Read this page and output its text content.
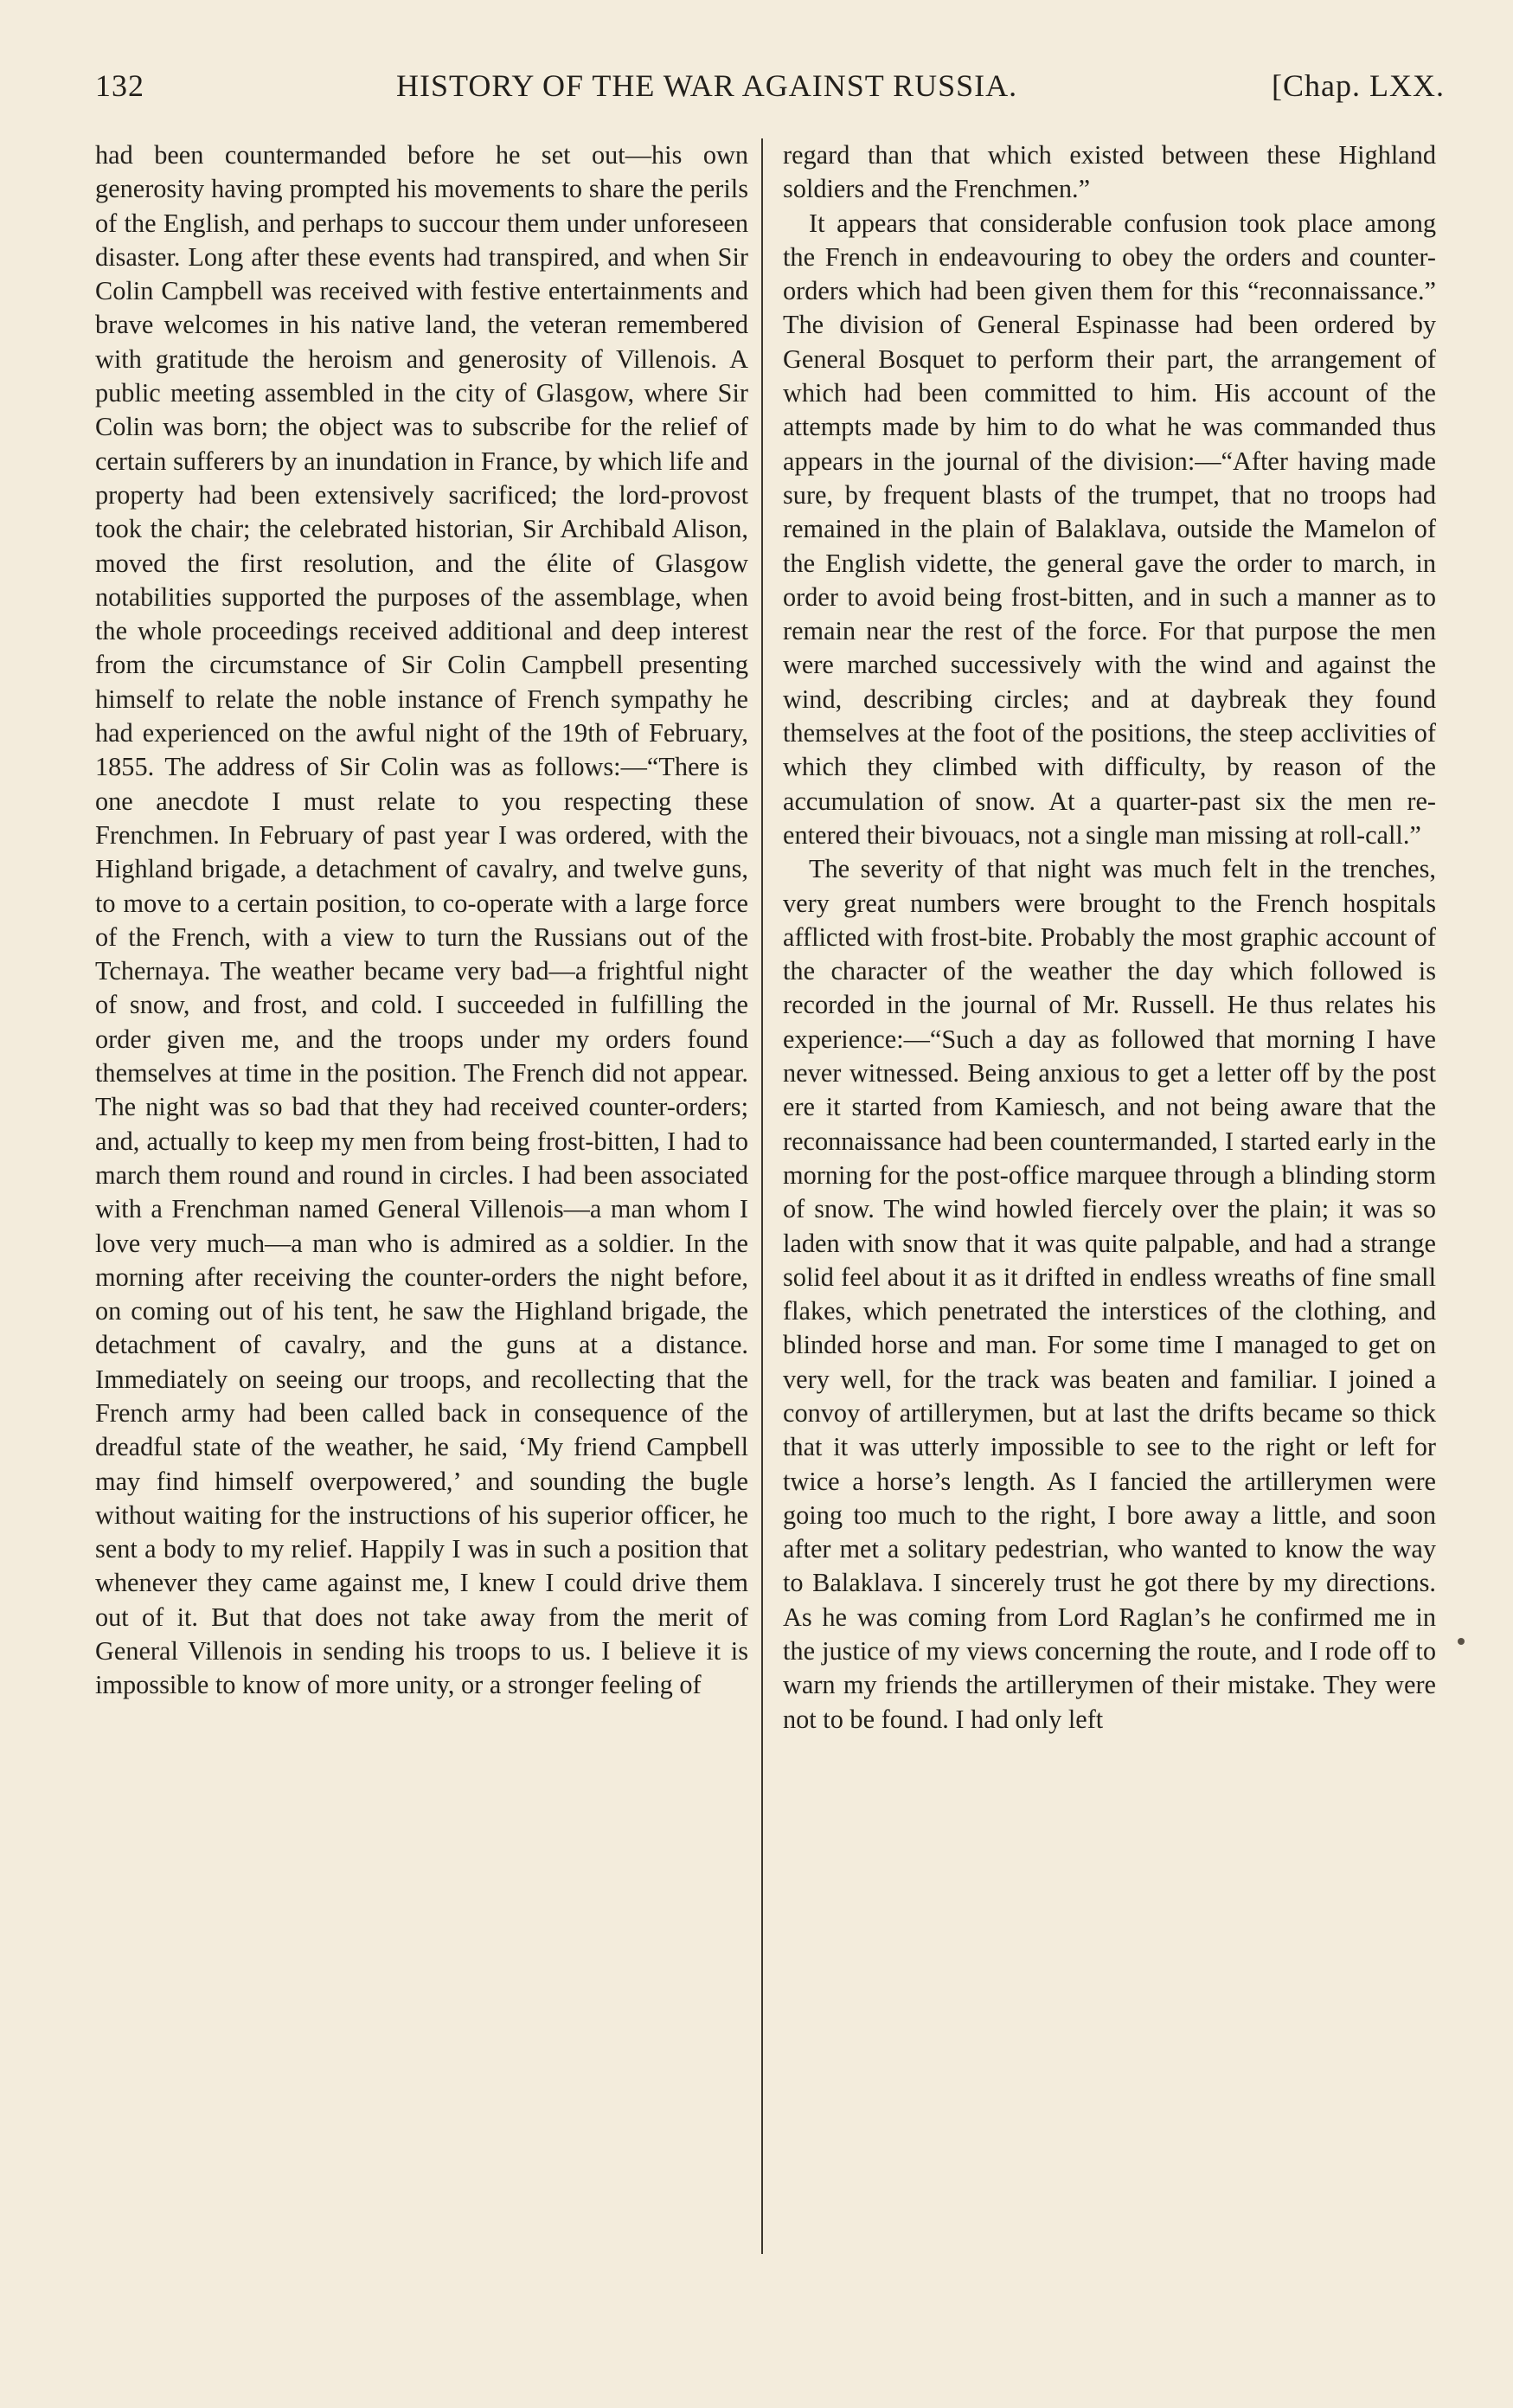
132	HISTORY OF THE WAR AGAINST RUSSIA.	[Chap. LXX.

had been countermanded before he set out—his own generosity having prompted his movements to share the perils of the English, and perhaps to succour them under unforeseen disaster. Long after these events had transpired, and when Sir Colin Campbell was received with festive entertainments and brave welcomes in his native land, the veteran remembered with gratitude the heroism and generosity of Villenois. A public meeting assembled in the city of Glasgow, where Sir Colin was born; the object was to subscribe for the relief of certain sufferers by an inundation in France, by which life and property had been extensively sacrificed; the lord-provost took the chair; the celebrated historian, Sir Archibald Alison, moved the first resolution, and the élite of Glasgow notabilities supported the purposes of the assemblage, when the whole proceedings received additional and deep interest from the circumstance of Sir Colin Campbell presenting himself to relate the noble instance of French sympathy he had experienced on the awful night of the 19th of February, 1855. The address of Sir Colin was as follows:—“There is one anecdote I must relate to you respecting these Frenchmen. In February of past year I was ordered, with the Highland brigade, a detachment of cavalry, and twelve guns, to move to a certain position, to co-operate with a large force of the French, with a view to turn the Russians out of the Tchernaya. The weather became very bad—a frightful night of snow, and frost, and cold. I succeeded in fulfilling the order given me, and the troops under my orders found themselves at time in the position. The French did not appear. The night was so bad that they had received counter-orders; and, actually to keep my men from being frost-bitten, I had to march them round and round in circles. I had been associated with a Frenchman named General Villenois—a man whom I love very much—a man who is admired as a soldier. In the morning after receiving the counter-orders the night before, on coming out of his tent, he saw the Highland brigade, the detachment of cavalry, and the guns at a distance. Immediately on seeing our troops, and recollecting that the French army had been called back in consequence of the dreadful state of the weather, he said, ‘My friend Campbell may find himself overpowered,’ and sounding the bugle without waiting for the instructions of his superior officer, he sent a body to my relief. Happily I was in such a position that whenever they came against me, I knew I could drive them out of it. But that does not take away from the merit of General Villenois in sending his troops to us. I believe it is impossible to know of more unity, or a stronger feeling of

regard than that which existed between these Highland soldiers and the Frenchmen.”

It appears that considerable confusion took place among the French in endeavouring to obey the orders and counter-orders which had been given them for this “reconnaissance.” The division of General Espinasse had been ordered by General Bosquet to perform their part, the arrangement of which had been committed to him. His account of the attempts made by him to do what he was commanded thus appears in the journal of the division:—“After having made sure, by frequent blasts of the trumpet, that no troops had remained in the plain of Balaklava, outside the Mamelon of the English vidette, the general gave the order to march, in order to avoid being frost-bitten, and in such a manner as to remain near the rest of the force. For that purpose the men were marched successively with the wind and against the wind, describing circles; and at daybreak they found themselves at the foot of the positions, the steep acclivities of which they climbed with difficulty, by reason of the accumulation of snow. At a quarter-past six the men re-entered their bivouacs, not a single man missing at roll-call.”

The severity of that night was much felt in the trenches, very great numbers were brought to the French hospitals afflicted with frost-bite. Probably the most graphic account of the character of the weather the day which followed is recorded in the journal of Mr. Russell. He thus relates his experience:—“Such a day as followed that morning I have never witnessed. Being anxious to get a letter off by the post ere it started from Kamiesch, and not being aware that the reconnaissance had been countermanded, I started early in the morning for the post-office marquee through a blinding storm of snow. The wind howled fiercely over the plain; it was so laden with snow that it was quite palpable, and had a strange solid feel about it as it drifted in endless wreaths of fine small flakes, which penetrated the interstices of the clothing, and blinded horse and man. For some time I managed to get on very well, for the track was beaten and familiar. I joined a convoy of artillerymen, but at last the drifts became so thick that it was utterly impossible to see to the right or left for twice a horse’s length. As I fancied the artillerymen were going too much to the right, I bore away a little, and soon after met a solitary pedestrian, who wanted to know the way to Balaklava. I sincerely trust he got there by my directions. As he was coming from Lord Raglan’s he confirmed me in the justice of my views concerning the route, and I rode off to warn my friends the artillerymen of their mistake. They were not to be found. I had only left
